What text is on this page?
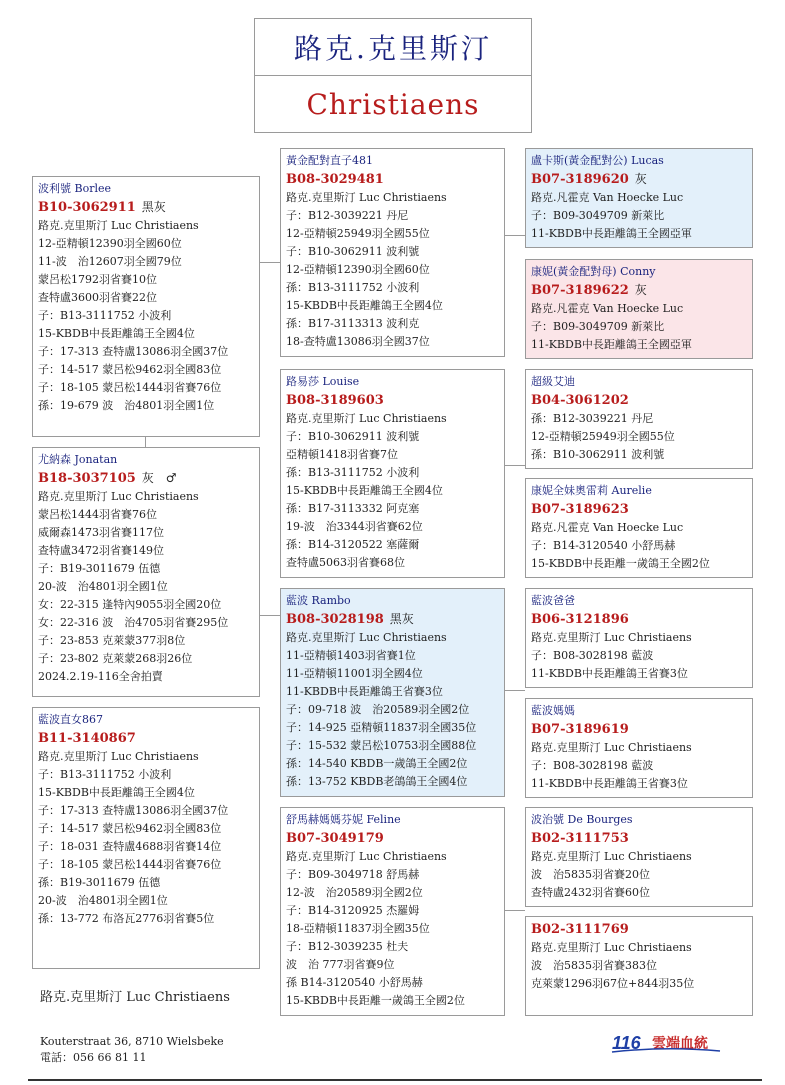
路克.克里斯汀
Christiaens
波利號 Borlee
B10-3062911 黑灰
路克.克里斯汀 Luc Christiaens
12-亞精頓12390羽全國60位
11-波　治12607羽全國79位
蒙呂松1792羽省賽10位
查特盧3600羽省賽22位
子：B13-3111752 小波利
15-KBDB中長距離鴿王全國4位
子：17-313 查特盧13086羽全國37位
子：14-517 蒙呂松9462羽全國83位
子：18-105 蒙呂松1444羽省賽76位
孫：19-679 波　治4801羽全國1位
尤納森 Jonatan
B18-3037105 灰　♂
路克.克里斯汀 Luc Christiaens
蒙呂松1444羽省賽76位
威爾森1473羽省賽117位
查特盧3472羽省賽149位
子：B19-3011679 伍德
20-波　治4801羽全國1位
女：22-315 逢特內9055羽全國20位
女：22-316 波　治4705羽省賽295位
子：23-853 克萊蒙377羽8位
子：23-802 克萊蒙268羽26位
2024.2.19-116全舍拍賣
藍波直女867
B11-3140867
路克.克里斯汀 Luc Christiaens
子：B13-3111752 小波利
15-KBDB中長距離鴿王全國4位
子：17-313 查特盧13086羽全國37位
子：14-517 蒙呂松9462羽全國83位
子：18-031 查特盧4688羽省賽14位
子：18-105 蒙呂松1444羽省賽76位
孫：B19-3011679 伍德
20-波　治4801羽全國1位
孫：13-772 布洛瓦2776羽省賽5位
黃金配對直子481
B08-3029481
路克.克里斯汀 Luc Christiaens
子：B12-3039221 丹尼
12-亞精頓25949羽全國55位
子：B10-3062911 波利號
12-亞精頓12390羽全國60位
孫：B13-3111752 小波利
15-KBDB中長距離鴿王全國4位
孫：B17-3113313 波利克
18-查特盧13086羽全國37位
路易莎 Louise
B08-3189603
路克.克里斯汀 Luc Christiaens
子：B10-3062911 波利號
亞精頓1418羽省賽7位
孫：B13-3111752 小波利
15-KBDB中長距離鴿王全國4位
孫：B17-3113332 阿克塞
19-波　治3344羽省賽62位
孫：B14-3120522 塞薩爾
查特盧5063羽省賽68位
藍波 Rambo
B08-3028198 黑灰
路克.克里斯汀 Luc Christiaens
11-亞精頓1403羽省賽1位
11-亞精頓11001羽全國4位
11-KBDB中長距離鴿王省賽3位
子：09-718 波　治20589羽全國2位
子：14-925 亞精頓11837羽全國35位
子：15-532 蒙呂松10753羽全國88位
孫：14-540 KBDB一歲鴿王全國2位
孫：13-752 KBDB老鴿鴿王全國4位
舒馬赫媽媽芬妮 Feline
B07-3049179
路克.克里斯汀 Luc Christiaens
子：B09-3049718 舒馬赫
12-波　治20589羽全國2位
子：B14-3120925 杰羅姆
18-亞精頓11837羽全國35位
子：B12-3039235 杜夫
波　治 777羽省賽9位
孫 B14-3120540 小舒馬赫
15-KBDB中長距離一歲鴿王全國2位
盧卡斯(黃金配對公) Lucas
B07-3189620 灰
路克.凡霍克 Van Hoecke Luc
子：B09-3049709 新萊比
11-KBDB中長距離鴿王全國亞軍
康妮(黃金配對母) Conny
B07-3189622 灰
路克.凡霍克 Van Hoecke Luc
子：B09-3049709 新萊比
11-KBDB中長距離鴿王全國亞軍
超級艾迪
B04-3061202
孫：B12-3039221 丹尼
12-亞精頓25949羽全國55位
孫：B10-3062911 波利號
康妮全妹奧雷莉 Aurelie
B07-3189623
路克.凡霍克 Van Hoecke Luc
子：B14-3120540 小舒馬赫
15-KBDB中長距離一歲鴿王全國2位
藍波爸爸
B06-3121896
路克.克里斯汀 Luc Christiaens
子：B08-3028198 藍波
11-KBDB中長距離鴿王省賽3位
藍波媽媽
B07-3189619
路克.克里斯汀 Luc Christiaens
子：B08-3028198 藍波
11-KBDB中長距離鴿王省賽3位
波治號 De Bourges
B02-3111753
路克.克里斯汀 Luc Christiaens
波　治5835羽省賽20位
查特盧2432羽省賽60位
B02-3111769
路克.克里斯汀 Luc Christiaens
波　治5835羽省賽383位
克萊蒙1296羽67位+844羽35位
路克.克里斯汀 Luc Christiaens
Kouterstraat 36, 8710 Wielsbeke
電話：056 66 81 11
116 雲端血統
